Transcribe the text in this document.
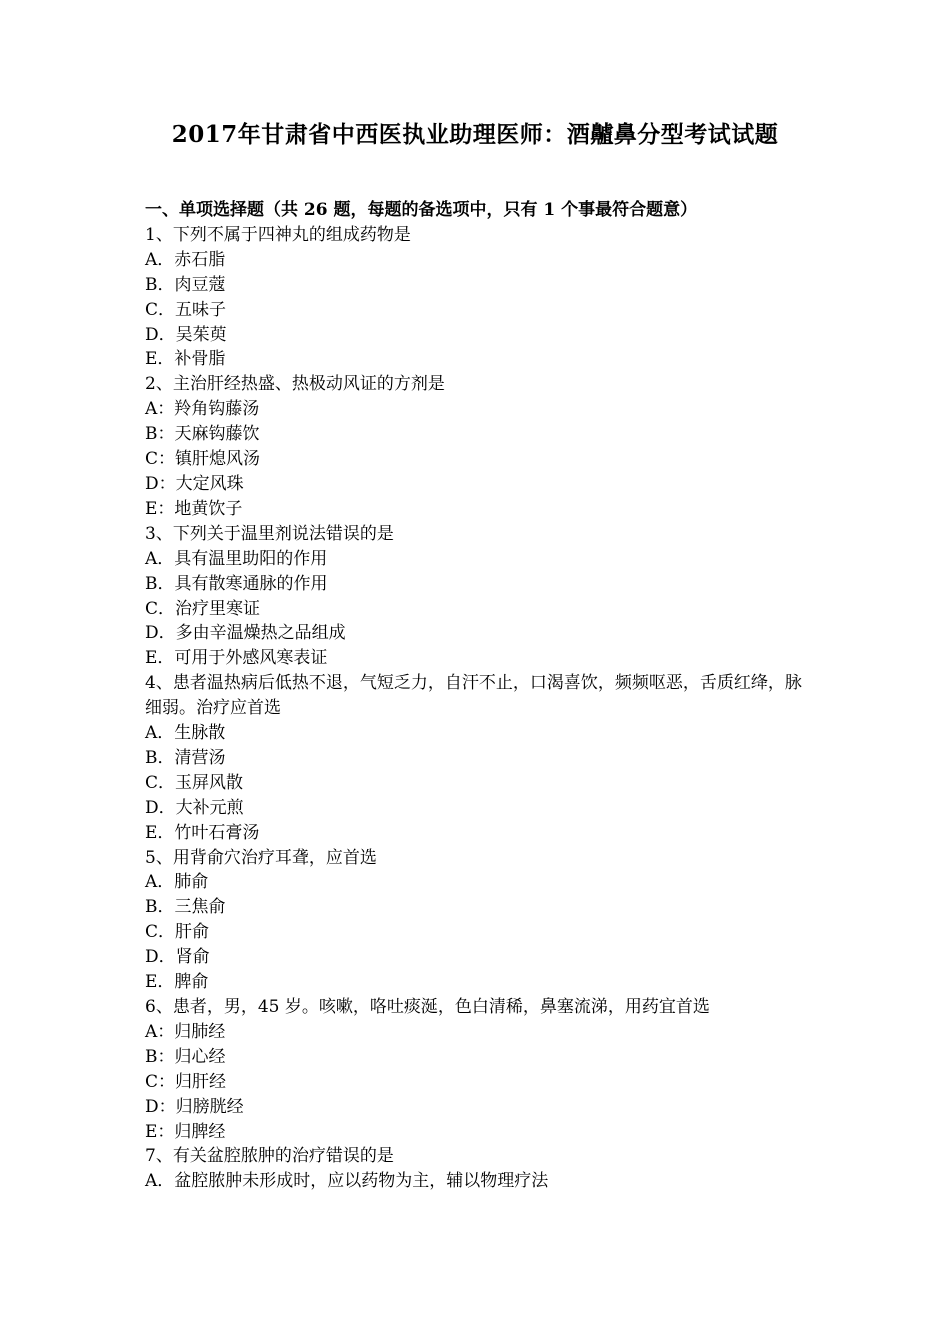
2017年甘肃省中西医执业助理医师：酒齇鼻分型考试试题
一、单项选择题（共 26 题，每题的备选项中，只有 1 个事最符合题意）
1、下列不属于四神丸的组成药物是
A．赤石脂
B．肉豆蔻
C．五味子
D．吴茱萸
E．补骨脂
2、主治肝经热盛、热极动风证的方剂是
A：羚角钩藤汤
B：天麻钩藤饮
C：镇肝熄风汤
D：大定风珠
E：地黄饮子
3、下列关于温里剂说法错误的是
A．具有温里助阳的作用
B．具有散寒通脉的作用
C．治疗里寒证
D．多由辛温燥热之品组成
E．可用于外感风寒表证
4、患者温热病后低热不退，气短乏力，自汗不止，口渴喜饮，频频呕恶，舌质红绛，脉细弱。治疗应首选
A．生脉散
B．清营汤
C．玉屏风散
D．大补元煎
E．竹叶石膏汤
5、用背俞穴治疗耳聋，应首选
A．肺俞
B．三焦俞
C．肝俞
D．肾俞
E．脾俞
6、患者，男，45 岁。咳嗽，咯吐痰涎，色白清稀，鼻塞流涕，用药宜首选
A：归肺经
B：归心经
C：归肝经
D：归膀胱经
E：归脾经
7、有关盆腔脓肿的治疗错误的是
A．盆腔脓肿未形成时，应以药物为主，辅以物理疗法
